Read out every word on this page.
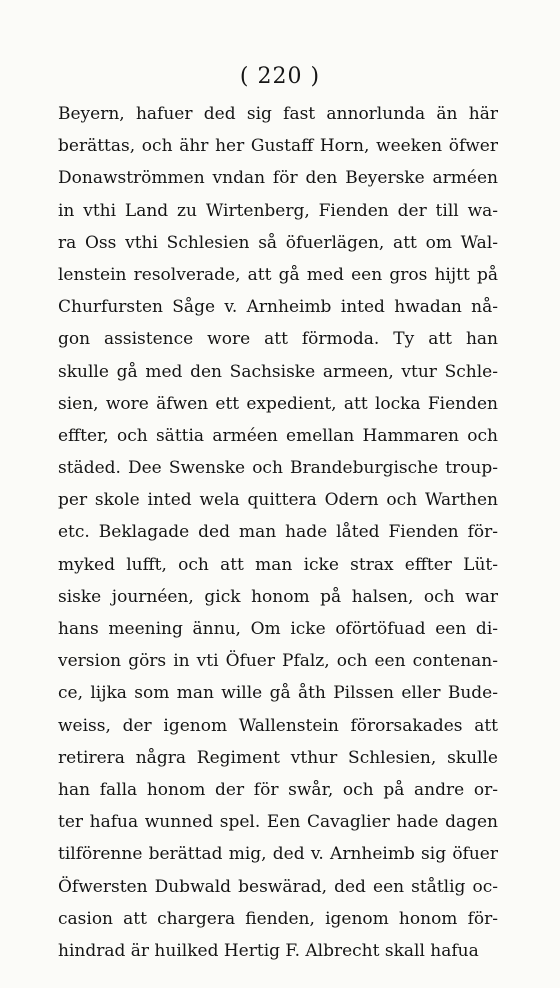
( 220 )
Beyern, hafuer ded sig fast annorlunda än här
berättas, och ähr her Gustaff Horn, weeken öfwer
Donawströmmen vndan för den Beyerske arméen
in vthi Land zu Wirtenberg, Fienden der till wa-
ra Oss vthi Schlesien så öfuerlägen, att om Wal-
lenstein resolverade, att gå med een gros hijtt på
Churfursten Såge v. Arnheimb inted hwadan nå-
gon assistence wore att förmoda. Ty att han
skulle gå med den Sachsiske armeen, vtur Schle-
sien, wore äfwen ett expedient, att locka Fienden
effter, och sättia arméen emellan Hammaren och
städed. Dee Swenske och Brandeburgische troup-
per skole inted wela quittera Odern och Warthen
etc. Beklagade ded man hade låted Fienden för-
myked lufft, och att man icke strax effter Lüt-
siske journéen, gick honom på halsen, och war
hans meening ännu, Om icke oförtöfuad een di-
version görs in vti Öfuer Pfalz, och een contenan-
ce, lijka som man wille gå åth Pilssen eller Bude-
weiss, der igenom Wallenstein förorsakades att
retirera några Regiment vthur Schlesien, skulle
han falla honom der för swår, och på andre or-
ter hafua wunned spel. Een Cavaglier hade dagen
tilförenne berättad mig, ded v. Arnheimb sig öfuer
Öfwersten Dubwald beswärad, ded een ståtlig oc-
casion att chargera fienden, igenom honom för-
hindrad är huilked Hertig F. Albrecht skall hafua
